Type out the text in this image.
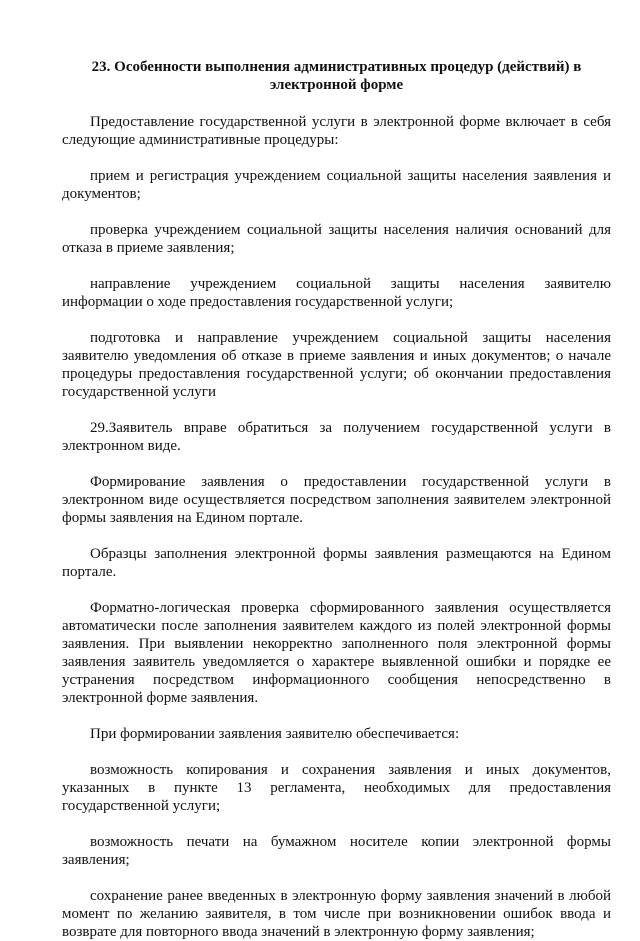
23. Особенности выполнения административных процедур (действий) в электронной форме

Предоставление государственной услуги в электронной форме включает в себя следующие административные процедуры:

прием и регистрация учреждением социальной защиты населения заявления и документов;

проверка учреждением социальной защиты населения наличия оснований для отказа в приеме заявления;

направление учреждением социальной защиты населения заявителю информации о ходе предоставления государственной услуги;

подготовка и направление учреждением социальной защиты населения заявителю уведомления об отказе в приеме заявления и иных документов; о начале процедуры предоставления государственной услуги; об окончании предоставления государственной услуги

29.Заявитель вправе обратиться за получением государственной услуги в электронном виде.

Формирование заявления о предоставлении государственной услуги в электронном виде осуществляется посредством заполнения заявителем электронной формы заявления на Едином портале.

Образцы заполнения электронной формы заявления размещаются на Едином портале.

Форматно-логическая проверка сформированного заявления осуществляется автоматически после заполнения заявителем каждого из полей электронной формы заявления. При выявлении некорректно заполненного поля электронной формы заявления заявитель уведомляется о характере выявленной ошибки и порядке ее устранения посредством информационного сообщения непосредственно в электронной форме заявления.

При формировании заявления заявителю обеспечивается:

возможность копирования и сохранения заявления и иных документов, указанных в пункте 13 регламента, необходимых для предоставления государственной услуги;

возможность печати на бумажном носителе копии электронной формы заявления;

сохранение ранее введенных в электронную форму заявления значений в любой момент по желанию заявителя, в том числе при возникновении ошибок ввода и возврате для повторного ввода значений в электронную форму заявления;
